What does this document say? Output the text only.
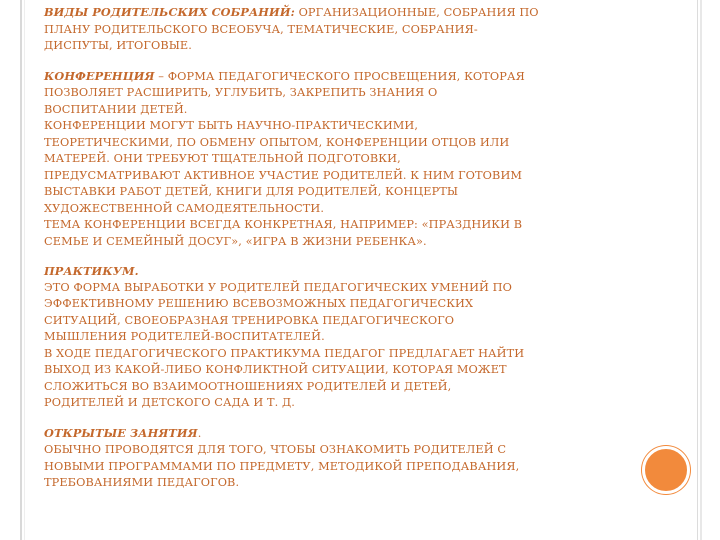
ВИДЫ РОДИТЕЛЬСКИХ СОБРАНИЙ: ОРГАНИЗАЦИОННЫЕ, СОБРАНИЯ ПО
ПЛАНУ РОДИТЕЛЬСКОГО ВСЕОБУЧА, ТЕМАТИЧЕСКИЕ, СОБРАНИЯ-
ДИСПУТЫ, ИТОГОВЫЕ.
КОНФЕРЕНЦИЯ – ФОРМА ПЕДАГОГИЧЕСКОГО ПРОСВЕЩЕНИЯ, КОТОРАЯ
ПОЗВОЛЯЕТ РАСШИРИТЬ, УГЛУБИТЬ, ЗАКРЕПИТЬ ЗНАНИЯ О
ВОСПИТАНИИ ДЕТЕЙ.
КОНФЕРЕНЦИИ МОГУТ БЫТЬ НАУЧНО-ПРАКТИЧЕСКИМИ,
ТЕОРЕТИЧЕСКИМИ, ПО ОБМЕНУ ОПЫТОМ, КОНФЕРЕНЦИИ ОТЦОВ ИЛИ
МАТЕРЕЙ. ОНИ ТРЕБУЮТ ТЩАТЕЛЬНОЙ ПОДГОТОВКИ,
ПРЕДУСМАТРИВАЮТ АКТИВНОЕ УЧАСТИЕ РОДИТЕЛЕЙ. К НИМ ГОТОВИМ
ВЫСТАВКИ РАБОТ ДЕТЕЙ, КНИГИ ДЛЯ РОДИТЕЛЕЙ, КОНЦЕРТЫ
ХУДОЖЕСТВЕННОЙ САМОДЕЯТЕЛЬНОСТИ.
ТЕМА КОНФЕРЕНЦИИ ВСЕГДА КОНКРЕТНАЯ, НАПРИМЕР: «ПРАЗДНИКИ В
СЕМЬЕ И СЕМЕЙНЫЙ ДОСУГ», «ИГРА В ЖИЗНИ РЕБЕНКА».
ПРАКТИКУМ.
ЭТО ФОРМА ВЫРАБОТКИ У РОДИТЕЛЕЙ ПЕДАГОГИЧЕСКИХ УМЕНИЙ ПО
ЭФФЕКТИВНОМУ РЕШЕНИЮ ВСЕВОЗМОЖНЫХ ПЕДАГОГИЧЕСКИХ
СИТУАЦИЙ, СВОЕОБРАЗНАЯ ТРЕНИРОВКА ПЕДАГОГИЧЕСКОГО
МЫШЛЕНИЯ РОДИТЕЛЕЙ-ВОСПИТАТЕЛЕЙ.
В ХОДЕ ПЕДАГОГИЧЕСКОГО ПРАКТИКУМА ПЕДАГОГ ПРЕДЛАГАЕТ НАЙТИ
ВЫХОД ИЗ КАКОЙ-ЛИБО КОНФЛИКТНОЙ СИТУАЦИИ, КОТОРАЯ МОЖЕТ
СЛОЖИТЬСЯ ВО ВЗАИМООТНОШЕНИЯХ РОДИТЕЛЕЙ И ДЕТЕЙ,
РОДИТЕЛЕЙ И ДЕТСКОГО САДА И Т. Д.
ОТКРЫТЫЕ ЗАНЯТИЯ.
ОБЫЧНО ПРОВОДЯТСЯ ДЛЯ ТОГО, ЧТОБЫ ОЗНАКОМИТЬ РОДИТЕЛЕЙ С
НОВЫМИ ПРОГРАММАМИ ПО ПРЕДМЕТУ, МЕТОДИКОЙ ПРЕПОДАВАНИЯ,
ТРЕБОВАНИЯМИ ПЕДАГОГОВ.
